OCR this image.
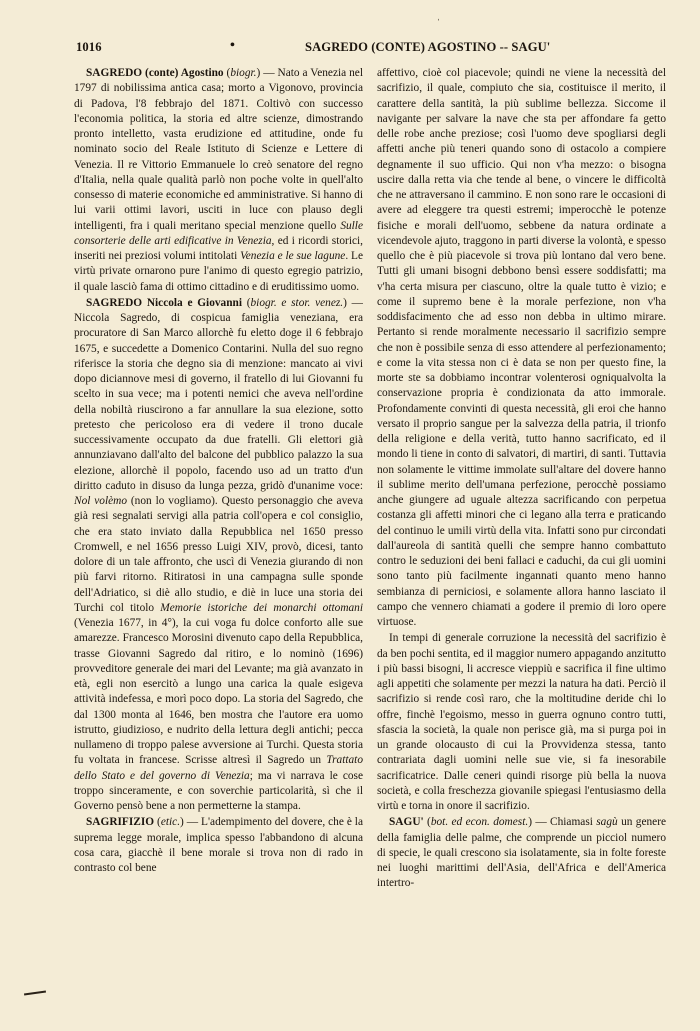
1016	•	SAGREDO (CONTE) AGOSTINO -- SAGU'
ˈ

SAGREDO (conte) Agostino (biogr.) — Nato a Venezia nel 1797 di nobilissima antica casa; morto a Vigonovo, provincia di Padova, l'8 febbrajo del 1871. Coltivò con successo l'economia politica, la storia ed altre scienze, dimostrando pronto intelletto, vasta erudizione ed attitudine, onde fu nominato socio del Reale Istituto di Scienze e Lettere di Venezia. Il re Vittorio Emmanuele lo creò senatore del regno d'Italia, nella quale qualità parlò non poche volte in quell'alto consesso di materie economiche ed amministrative. Si hanno di lui varii ottimi lavori, usciti in luce con plauso degli intelligenti, fra i quali meritano special menzione quello Sulle consorterie delle arti edificative in Venezia, ed i ricordi storici, inseriti nei preziosi volumi intitolati Venezia e le sue lagune. Le virtù private ornarono pure l'animo di questo egregio patrizio, il quale lasciò fama di ottimo cittadino e di eruditissimo uomo.

SAGREDO Niccola e Giovanni (biogr. e stor. venez.) — Niccola Sagredo, di cospicua famiglia veneziana, era procuratore di San Marco allorchè fu eletto doge il 6 febbrajo 1675, e succedette a Domenico Contarini. Nulla del suo regno riferisce la storia che degno sia di menzione: mancato ai vivi dopo diciannove mesi di governo, il fratello di lui Giovanni fu scelto in sua vece; ma i potenti nemici che aveva nell'ordine della nobiltà riuscirono a far annullare la sua elezione, sotto pretesto che pericoloso era di vedere il trono ducale successivamente occupato da due fratelli. Gli elettori già annunziavano dall'alto del balcone del pubblico palazzo la sua elezione, allorchè il popolo, facendo uso ad un tratto d'un diritto caduto in disuso da lunga pezza, gridò d'unanime voce: Nol volèmo (non lo vogliamo). Questo personaggio che aveva già resi segnalati servigi alla patria coll'opera e col consiglio, che era stato inviato dalla Repubblica nel 1650 presso Cromwell, e nel 1656 presso Luigi XIV, provò, dicesi, tanto dolore di un tale affronto, che uscì di Venezia giurando di non più farvi ritorno. Ritiratosi in una campagna sulle sponde dell'Adriatico, si diè allo studio, e diè in luce una storia dei Turchi col titolo Memorie istoriche dei monarchi ottomani (Venezia 1677, in 4°), la cui voga fu dolce conforto alle sue amarezze. Francesco Morosini divenuto capo della Repubblica, trasse Giovanni Sagredo dal ritiro, e lo nominò (1696) provveditore generale dei mari del Levante; ma già avanzato in età, egli non esercitò a lungo una carica la quale esigeva attività indefessa, e morì poco dopo. La storia del Sagredo, che dal 1300 monta al 1646, ben mostra che l'autore era uomo istrutto, giudizioso, e nudrito della lettura degli antichi; pecca nullameno di troppo palese avversione ai Turchi. Questa storia fu voltata in francese. Scrisse altresì il Sagredo un Trattato dello Stato e del governo di Venezia; ma vi narrava le cose troppo sinceramente, e con soverchie particolarità, sì che il Governo pensò bene a non permetterne la stampa.

SAGRIFIZIO (etic.) — L'adempimento del dovere, che è la suprema legge morale, implica spesso l'abbandono di alcuna cosa cara, giacchè il bene morale si trova non di rado in contrasto col bene

affettivo, cioè col piacevole; quindi ne viene la necessità del sacrifizio, il quale, compiuto che sia, costituisce il merito, il carattere della santità, la più sublime bellezza. Siccome il navigante per salvare la nave che sta per affondare fa getto delle robe anche preziose; così l'uomo deve spogliarsi degli affetti anche più teneri quando sono di ostacolo a compiere degnamente il suo ufficio. Qui non v'ha mezzo: o bisogna uscire dalla retta via che tende al bene, o vincere le difficoltà che ne attraversano il cammino. E non sono rare le occasioni di avere ad eleggere tra questi estremi; imperocchè le potenze fisiche e morali dell'uomo, sebbene da natura ordinate a vicendevole ajuto, traggono in parti diverse la volontà, e spesso quello che è più piacevole si trova più lontano dal vero bene. Tutti gli umani bisogni debbono bensì essere soddisfatti; ma v'ha certa misura per ciascuno, oltre la quale tutto è vizio; e come il supremo bene è la morale perfezione, non v'ha soddisfacimento che ad esso non debba in ultimo mirare. Pertanto si rende moralmente necessario il sacrifizio sempre che non è possibile senza di esso attendere al perfezionamento; e come la vita stessa non ci è data se non per questo fine, la morte ste sa dobbiamo incontrar volenterosi ogniqualvolta la conservazione propria è condizionata da atto immorale. Profondamente convinti di questa necessità, gli eroi che hanno versato il proprio sangue per la salvezza della patria, il trionfo della religione e della verità, tutto hanno sacrificato, ed il mondo li tiene in conto di salvatori, di martiri, di santi. Tuttavia non solamente le vittime immolate sull'altare del dovere hanno il sublime merito dell'umana perfezione, perocchè possiamo anche giungere ad uguale altezza sacrificando con perpetua costanza gli affetti minori che ci legano alla terra e praticando del continuo le umili virtù della vita. Infatti sono pur circondati dall'aureola di santità quelli che sempre hanno combattuto contro le seduzioni dei beni fallaci e caduchi, da cui gli uomini sono tanto più facilmente ingannati quanto meno hanno sembianza di perniciosi, e solamente allora hanno lasciato il campo che vennero chiamati a godere il premio di loro opere virtuose.

In tempi di generale corruzione la necessità del sacrifizio è da ben pochi sentita, ed il maggior numero appagando anzitutto i più bassi bisogni, li accresce vieppiù e sacrifica il fine ultimo agli appetiti che solamente per mezzi la natura ha dati. Perciò il sacrifizio si rende così raro, che la moltitudine deride chi lo offre, finchè l'egoismo, messo in guerra ognuno contro tutti, sfascia la società, la quale non perisce già, ma si purga poi in un grande olocausto di cui la Provvidenza stessa, tanto contrariata dagli uomini nelle sue vie, si fa inesorabile sacrificatrice. Dalle ceneri quindi risorge più bella la nuova società, e colla freschezza giovanile spiegasi l'entusiasmo della virtù e torna in onore il sacrifizio.

SAGU' (bot. ed econ. domest.) — Chiamasi sagù un genere della famiglia delle palme, che comprende un picciol numero di specie, le quali crescono sia isolatamente, sia in folte foreste nei luoghi marittimi dell'Asia, dell'Africa e dell'America intertro-
